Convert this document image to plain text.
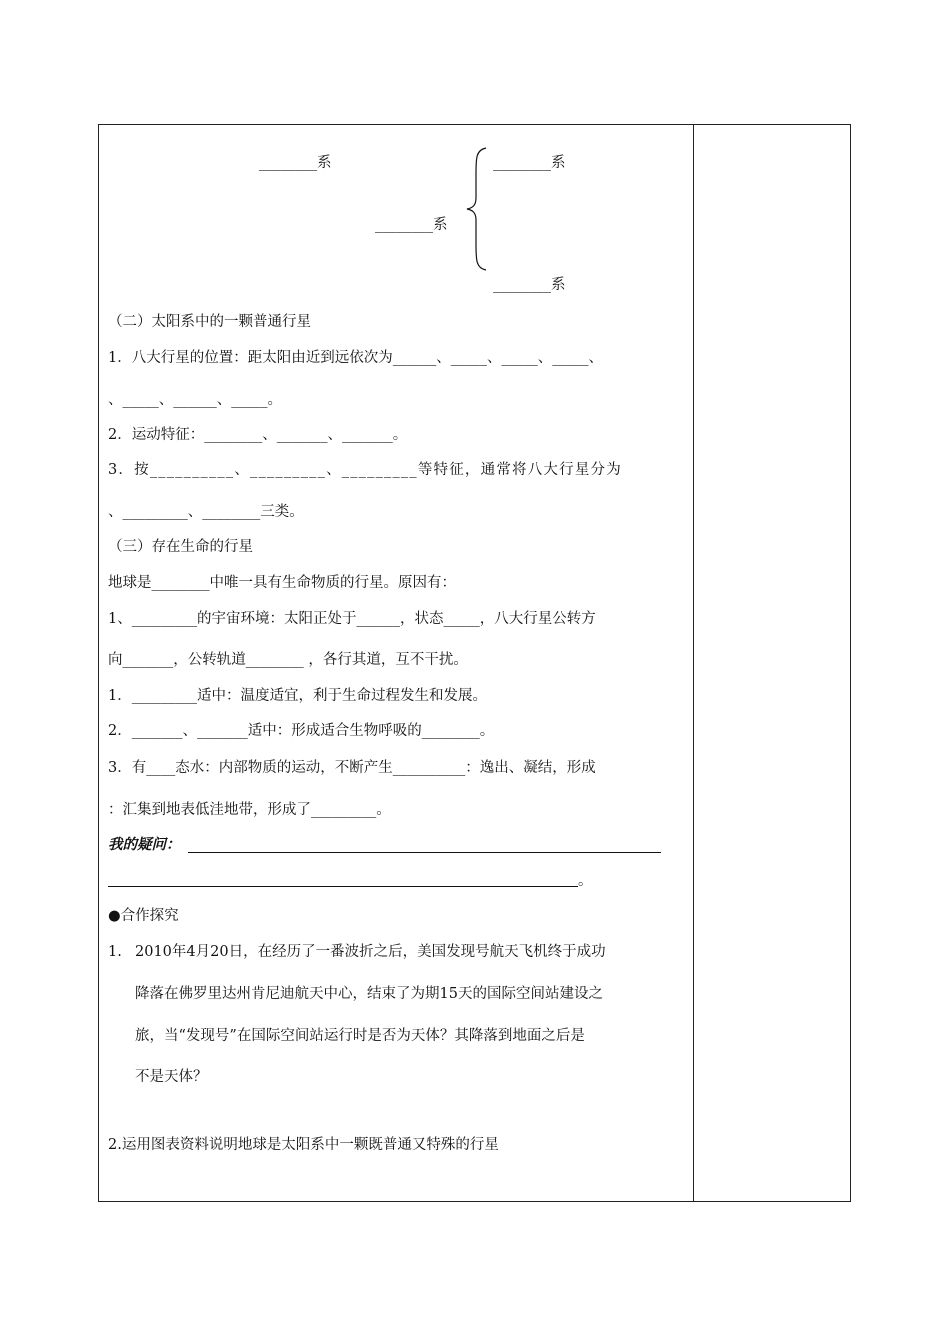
________系
________系
________系
________系
（二）太阳系中的一颗普通行星
1．八大行星的位置：距太阳由近到远依次为______、_____、_____、_____、
、_____、______、_____。
2．运动特征：________、_______、_______。
3．按__________、_________、_________等特征，通常将八大行星分为
、_________、________三类。
（三）存在生命的行星
地球是________中唯一具有生命物质的行星。原因有：
1、_________的宇宙环境：太阳正处于______，状态_____，八大行星公转方
向_______，公转轨道________ ，各行其道，互不干扰。
1．_________适中：温度适宜，利于生命过程发生和发展。
2．_______、_______适中：形成适合生物呼吸的________。
3．有____态水：内部物质的运动，不断产生__________：逸出、凝结，形成
：汇集到地表低洼地带，形成了_________。
我的疑问：
。
●合作探究
1. 2010年4月20日，在经历了一番波折之后，美国发现号航天飞机终于成功
降落在佛罗里达州肯尼迪航天中心，结束了为期15天的国际空间站建设之
旅，当“发现号”在国际空间站运行时是否为天体？其降落到地面之后是
不是天体？
2.运用图表资料说明地球是太阳系中一颗既普通又特殊的行星
